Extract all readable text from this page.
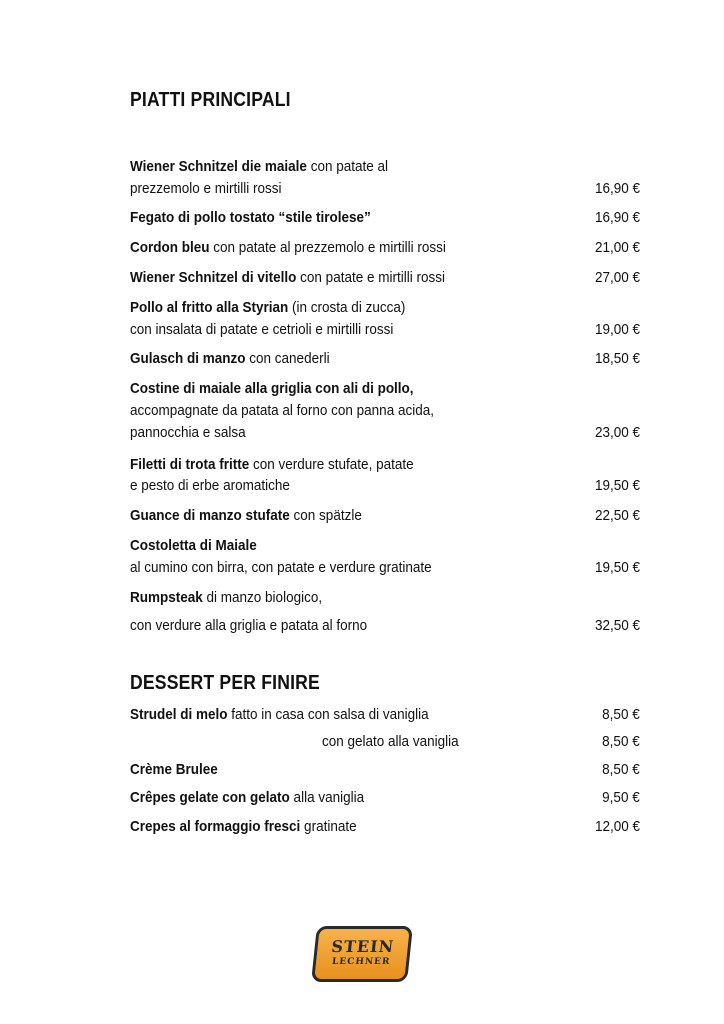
PIATTI PRINCIPALI
Wiener Schnitzel die maiale con patate al
prezzemolo e mirtilli rossi	16,90 €
Fegato di pollo tostato “stile tirolese”	16,90 €
Cordon bleu con patate al prezzemolo e mirtilli rossi	21,00 €
Wiener Schnitzel di vitello con patate e mirtilli rossi	27,00 €
Pollo al fritto alla Styrian (in crosta di zucca)
con insalata di patate e cetrioli e mirtilli rossi	19,00 €
Gulasch di manzo con canederli	18,50 €
Costine di maiale alla griglia con ali di pollo,
accompagnate da patata al forno con panna acida,
pannocchia e salsa	23,00 €
Filetti di trota fritte con verdure stufate, patate
e pesto di erbe aromatiche	19,50 €
Guance di manzo stufate con spätzle	22,50 €
Costoletta di Maiale
al cumino con birra, con patate e verdure gratinate	19,50 €
Rumpsteak di manzo biologico,
con verdure alla griglia e patata al forno	32,50 €
DESSERT PER FINIRE
Strudel di melo fatto in casa con salsa di vaniglia	8,50 €
con gelato alla vaniglia	8,50 €
Crème Brulee	8,50 €
Crêpes gelate con gelato alla vaniglia	9,50 €
Crepes al formaggio fresci gratinate	12,00 €
STEIN
LECHNER
